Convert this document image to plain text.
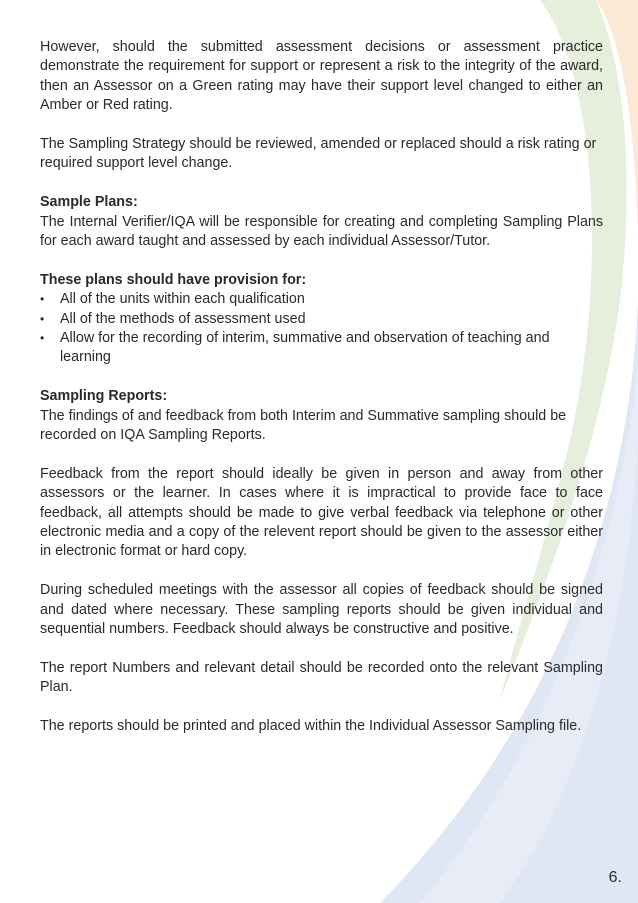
However, should the submitted assessment decisions or assessment practice demonstrate the requirement for support or represent a risk to the integrity of the award, then an Assessor on a Green rating may have their support level changed to either an Amber or Red rating.

The Sampling Strategy should be reviewed, amended or replaced should a risk rating or required support level change.

Sample Plans:

The Internal Verifier/IQA will be responsible for creating and completing Sampling Plans for each award taught and assessed by each individual Assessor/Tutor.

These plans should have provision for:
• All of the units within each qualification
• All of the methods of assessment used
• Allow for the recording of interim, summative and observation of teaching and learning
Sampling Reports:

The findings of and feedback from both Interim and Summative sampling should be recorded on IQA Sampling Reports.

Feedback from the report should ideally be given in person and away from other assessors or the learner. In cases where it is impractical to provide face to face feedback, all attempts should be made to give verbal feedback via telephone or other electronic media and a copy of the relevent report should be given to the assessor either in electronic format or hard copy.

During scheduled meetings with the assessor all copies of feedback should be signed and dated where necessary. These sampling reports should be given individual and sequential numbers. Feedback should always be constructive and positive.

The report Numbers and relevant detail should be recorded onto the relevant Sampling Plan.

The reports should be printed and placed within the Individual Assessor Sampling file.

6.
